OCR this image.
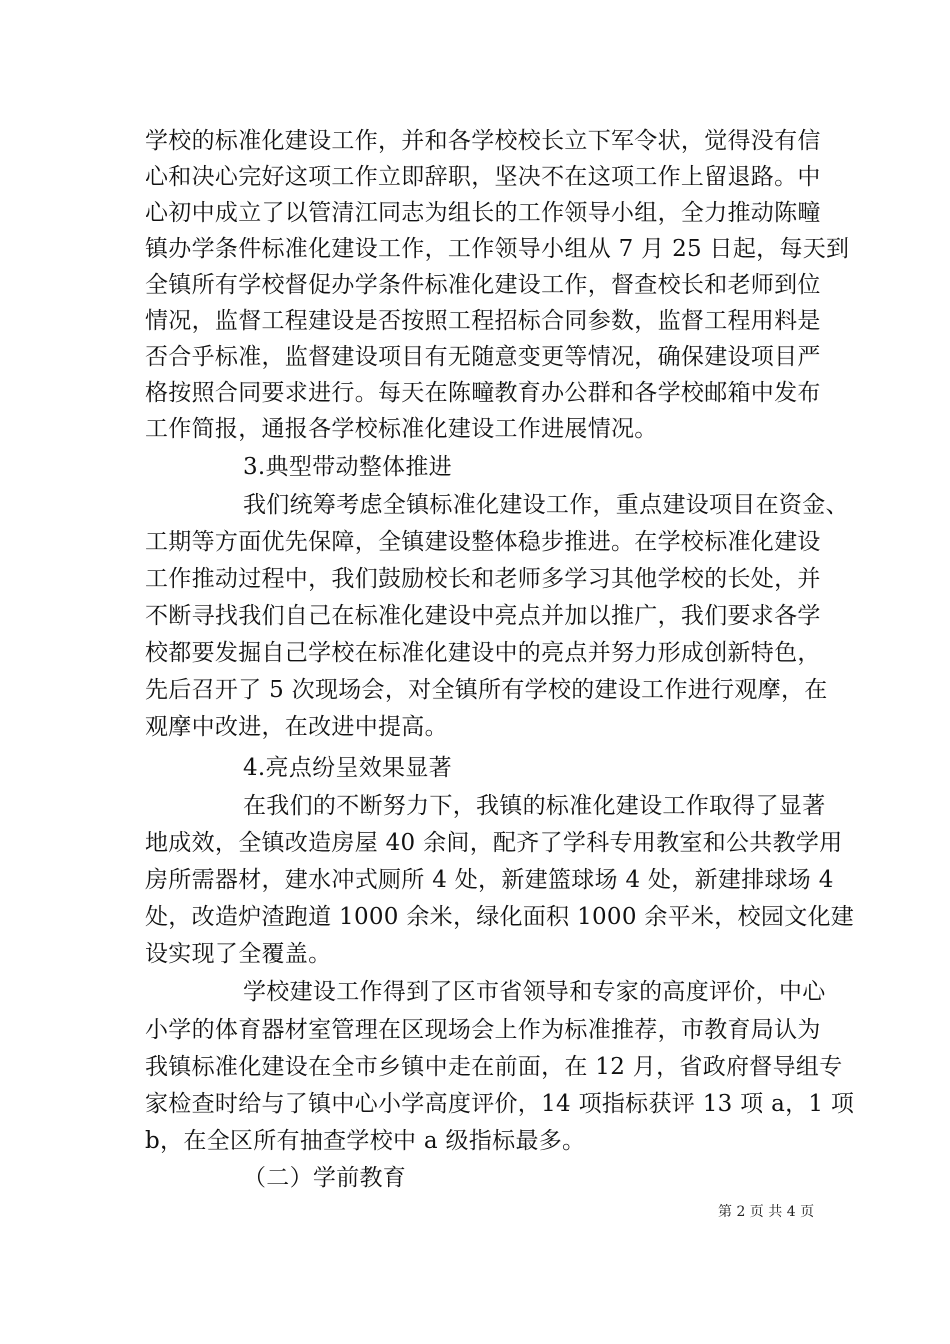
学校的标准化建设工作，并和各学校校长立下军令状，觉得没有信
心和决心完好这项工作立即辞职，坚决不在这项工作上留退路。中
心初中成立了以管清江同志为组长的工作领导小组，全力推动陈疃
镇办学条件标准化建设工作，工作领导小组从 7 月 25 日起，每天到
全镇所有学校督促办学条件标准化建设工作，督查校长和老师到位
情况，监督工程建设是否按照工程招标合同参数，监督工程用料是
否合乎标准，监督建设项目有无随意变更等情况，确保建设项目严
格按照合同要求进行。每天在陈疃教育办公群和各学校邮箱中发布
工作简报，通报各学校标准化建设工作进展情况。
3.典型带动整体推进
我们统筹考虑全镇标准化建设工作，重点建设项目在资金、
工期等方面优先保障，全镇建设整体稳步推进。在学校标准化建设
工作推动过程中，我们鼓励校长和老师多学习其他学校的长处，并
不断寻找我们自己在标准化建设中亮点并加以推广，我们要求各学
校都要发掘自己学校在标准化建设中的亮点并努力形成创新特色，
先后召开了 5 次现场会，对全镇所有学校的建设工作进行观摩，在
观摩中改进，在改进中提高。
4.亮点纷呈效果显著
在我们的不断努力下，我镇的标准化建设工作取得了显著
地成效，全镇改造房屋 40 余间，配齐了学科专用教室和公共教学用
房所需器材，建水冲式厕所 4 处，新建篮球场 4 处，新建排球场 4
处，改造炉渣跑道 1000 余米，绿化面积 1000 余平米，校园文化建
设实现了全覆盖。
学校建设工作得到了区市省领导和专家的高度评价，中心
小学的体育器材室管理在区现场会上作为标准推荐，市教育局认为
我镇标准化建设在全市乡镇中走在前面，在 12 月，省政府督导组专
家检查时给与了镇中心小学高度评价，14 项指标获评 13 项 a，1 项
b，在全区所有抽查学校中 a 级指标最多。
（二）学前教育
第 2 页 共 4 页
